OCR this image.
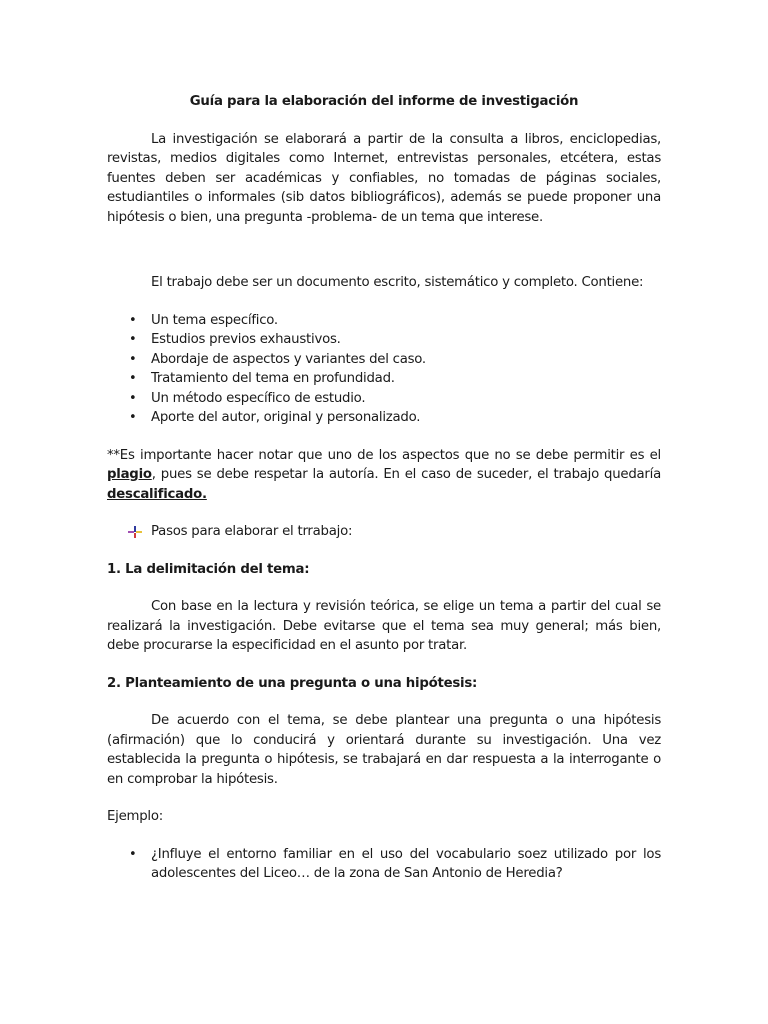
Guía para la elaboración del informe de investigación

La investigación se elaborará a partir de la consulta a libros, enciclopedias, revistas, medios digitales como Internet, entrevistas personales, etcétera, estas fuentes deben ser académicas y confiables, no tomadas de páginas sociales, estudiantiles o informales (sib datos bibliográficos), además se puede proponer una hipótesis o bien, una pregunta -problema- de un tema que interese.

El trabajo debe ser un documento escrito, sistemático y completo. Contiene:

• Un tema específico.
• Estudios previos exhaustivos.
• Abordaje de aspectos y variantes del caso.
• Tratamiento del tema en profundidad.
• Un método específico de estudio.
• Aporte del autor, original y personalizado.

**Es importante hacer notar que uno de los aspectos que no se debe permitir es el plagio, pues se debe respetar la autoría. En el caso de suceder, el trabajo quedaría descalificado.

Pasos para elaborar el trrabajo:

1. La delimitación del tema:

Con base en la lectura y revisión teórica, se elige un tema a partir del cual se realizará la investigación. Debe evitarse que el tema sea muy general; más bien, debe procurarse la especificidad en el asunto por tratar.

2. Planteamiento de una pregunta o una hipótesis:

De acuerdo con el tema, se debe plantear una pregunta o una hipótesis (afirmación) que lo conducirá y orientará durante su investigación. Una vez establecida la pregunta o hipótesis, se trabajará en dar respuesta a la interrogante o en comprobar la hipótesis.

Ejemplo:

• ¿Influye el entorno familiar en el uso del vocabulario soez utilizado por los adolescentes del Liceo… de la zona de San Antonio de Heredia?
